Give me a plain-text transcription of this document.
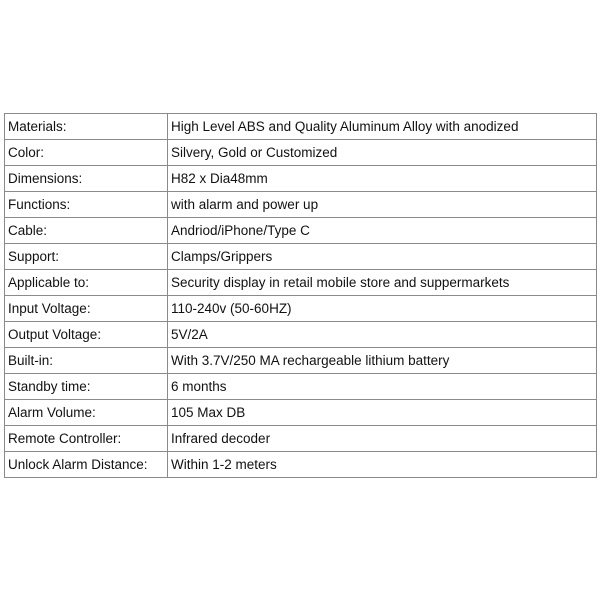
Materials:	High Level ABS and Quality Aluminum Alloy with anodized
Color:	Silvery, Gold or Customized
Dimensions:	H82 x Dia48mm
Functions:	with alarm and power up
Cable:	Andriod/iPhone/Type C
Support:	Clamps/Grippers
Applicable to:	Security display in retail mobile store and suppermarkets
Input Voltage:	110-240v (50-60HZ)
Output Voltage:	5V/2A
Built-in:	With 3.7V/250 MA rechargeable lithium battery
Standby time:	6 months
Alarm Volume:	105 Max DB
Remote Controller:	Infrared decoder
Unlock Alarm Distance:	Within 1-2 meters
